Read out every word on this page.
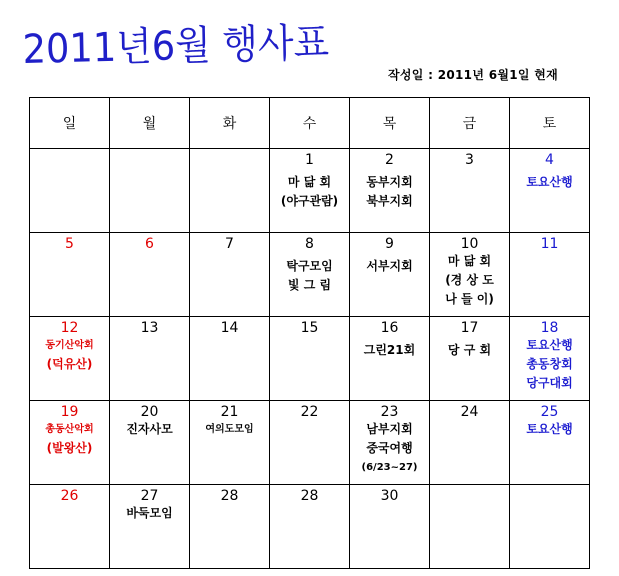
2011년6월 행사표
작성일 : 2011년 6월1일 현재
일	월	화	수	목	금	토

			1
마 닮 회
(야구관람)	2
동부지회
북부지회	3	4
토요산행

5	6	7	8
탁구모임
빛 그 림	9
서부지회	10
마 닮 회
(경 상 도
나 들 이)	11

12
동기산악회
(덕유산)	13	14	15	16
그린21회	17
당 구 회	18
토요산행
총동창회
당구대회

19
총동산악회
(발왕산)	20
진자사모	21
여의도모임	22	23
남부지회
중국여행
(6/23~27)	24	25
토요산행

26	27
바둑모임	28	28	30		
